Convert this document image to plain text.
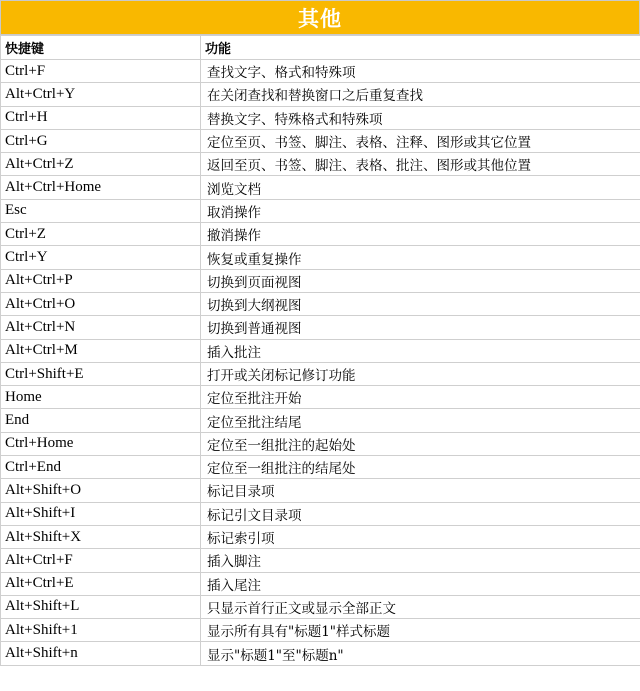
其他
快捷键	功能
Ctrl+F	查找文字、格式和特殊项
Alt+Ctrl+Y	在关闭查找和替换窗口之后重复查找
Ctrl+H	替换文字、特殊格式和特殊项
Ctrl+G	定位至页、书签、脚注、表格、注释、图形或其它位置
Alt+Ctrl+Z	返回至页、书签、脚注、表格、批注、图形或其他位置
Alt+Ctrl+Home	浏览文档
Esc	取消操作
Ctrl+Z	撤消操作
Ctrl+Y	恢复或重复操作
Alt+Ctrl+P	切换到页面视图
Alt+Ctrl+O	切换到大纲视图
Alt+Ctrl+N	切换到普通视图
Alt+Ctrl+M	插入批注
Ctrl+Shift+E	打开或关闭标记修订功能
Home	定位至批注开始
End	定位至批注结尾
Ctrl+Home	定位至一组批注的起始处
Ctrl+End	定位至一组批注的结尾处
Alt+Shift+O	标记目录项
Alt+Shift+I	标记引文目录项
Alt+Shift+X	标记索引项
Alt+Ctrl+F	插入脚注
Alt+Ctrl+E	插入尾注
Alt+Shift+L	只显示首行正文或显示全部正文
Alt+Shift+1	显示所有具有"标题1"样式标题
Alt+Shift+n	显示"标题1"至"标题n"
